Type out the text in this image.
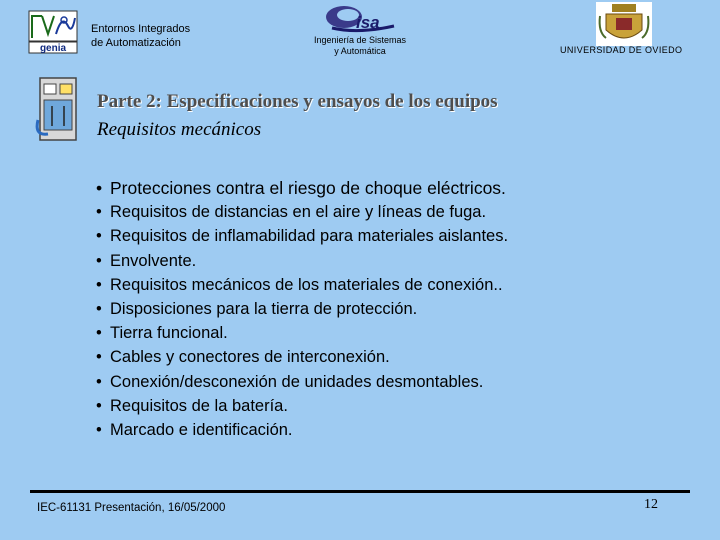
genia
Entornos Integrados
de Automatización
isa
Ingeniería de Sistemas
y Automática	UNIVERSIDAD DE OVIEDO
Parte 2: Especificaciones y ensayos de los equipos
Requisitos mecánicos
• Protecciones contra el riesgo de choque eléctricos.
• Requisitos de distancias en el aire y líneas de fuga.
• Requisitos de inflamabilidad para materiales aislantes.
• Envolvente.
• Requisitos mecánicos de los materiales de conexión..
• Disposiciones para la tierra de protección.
• Tierra funcional.
• Cables y conectores de interconexión.
• Conexión/desconexión de unidades desmontables.
• Requisitos de la batería.
• Marcado e identificación.
IEC-61131 Presentación, 16/05/2000	12
